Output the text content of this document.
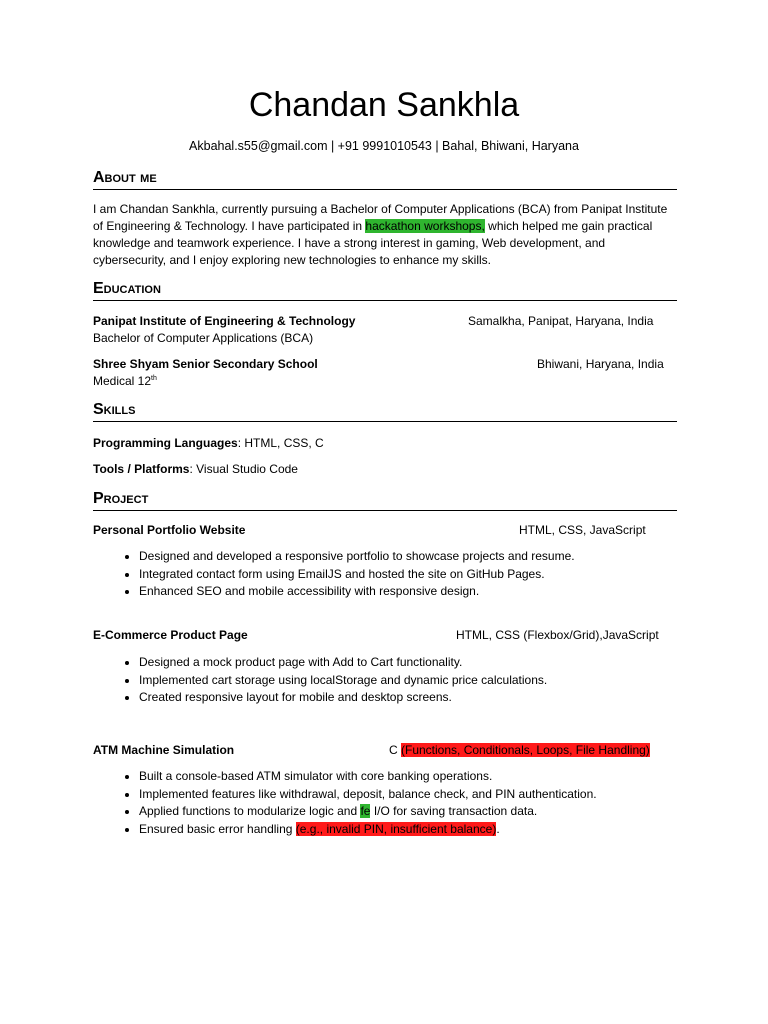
Chandan Sankhla
Akbahal.s55@gmail.com | +91 9991010543 | Bahal, Bhiwani, Haryana
About me
I am Chandan Sankhla, currently pursuing a Bachelor of Computer Applications (BCA) from Panipat Institute of Engineering & Technology. I have participated in hackathon workshops, which helped me gain practical knowledge and teamwork experience. I have a strong interest in gaming, Web development, and cybersecurity, and I enjoy exploring new technologies to enhance my skills.
Education
Panipat Institute of Engineering & Technology	Samalkha, Panipat, Haryana, India
Bachelor of Computer Applications (BCA)
Shree Shyam Senior Secondary School	Bhiwani, Haryana, India
Medical 12th
Skills
Programming Languages: HTML, CSS, C
Tools / Platforms: Visual Studio Code
Project
Personal Portfolio Website	HTML, CSS, JavaScript
• Designed and developed a responsive portfolio to showcase projects and resume.
• Integrated contact form using EmailJS and hosted the site on GitHub Pages.
• Enhanced SEO and mobile accessibility with responsive design.
E-Commerce Product Page	HTML, CSS (Flexbox/Grid),JavaScript
• Designed a mock product page with Add to Cart functionality.
• Implemented cart storage using localStorage and dynamic price calculations.
• Created responsive layout for mobile and desktop screens.
ATM Machine Simulation	C (Functions, Conditionals, Loops, File Handling)
• Built a console-based ATM simulator with core banking operations.
• Implemented features like withdrawal, deposit, balance check, and PIN authentication.
• Applied functions to modularize logic and fe I/O for saving transaction data.
• Ensured basic error handling (e.g., invalid PIN, insufficient balance).
